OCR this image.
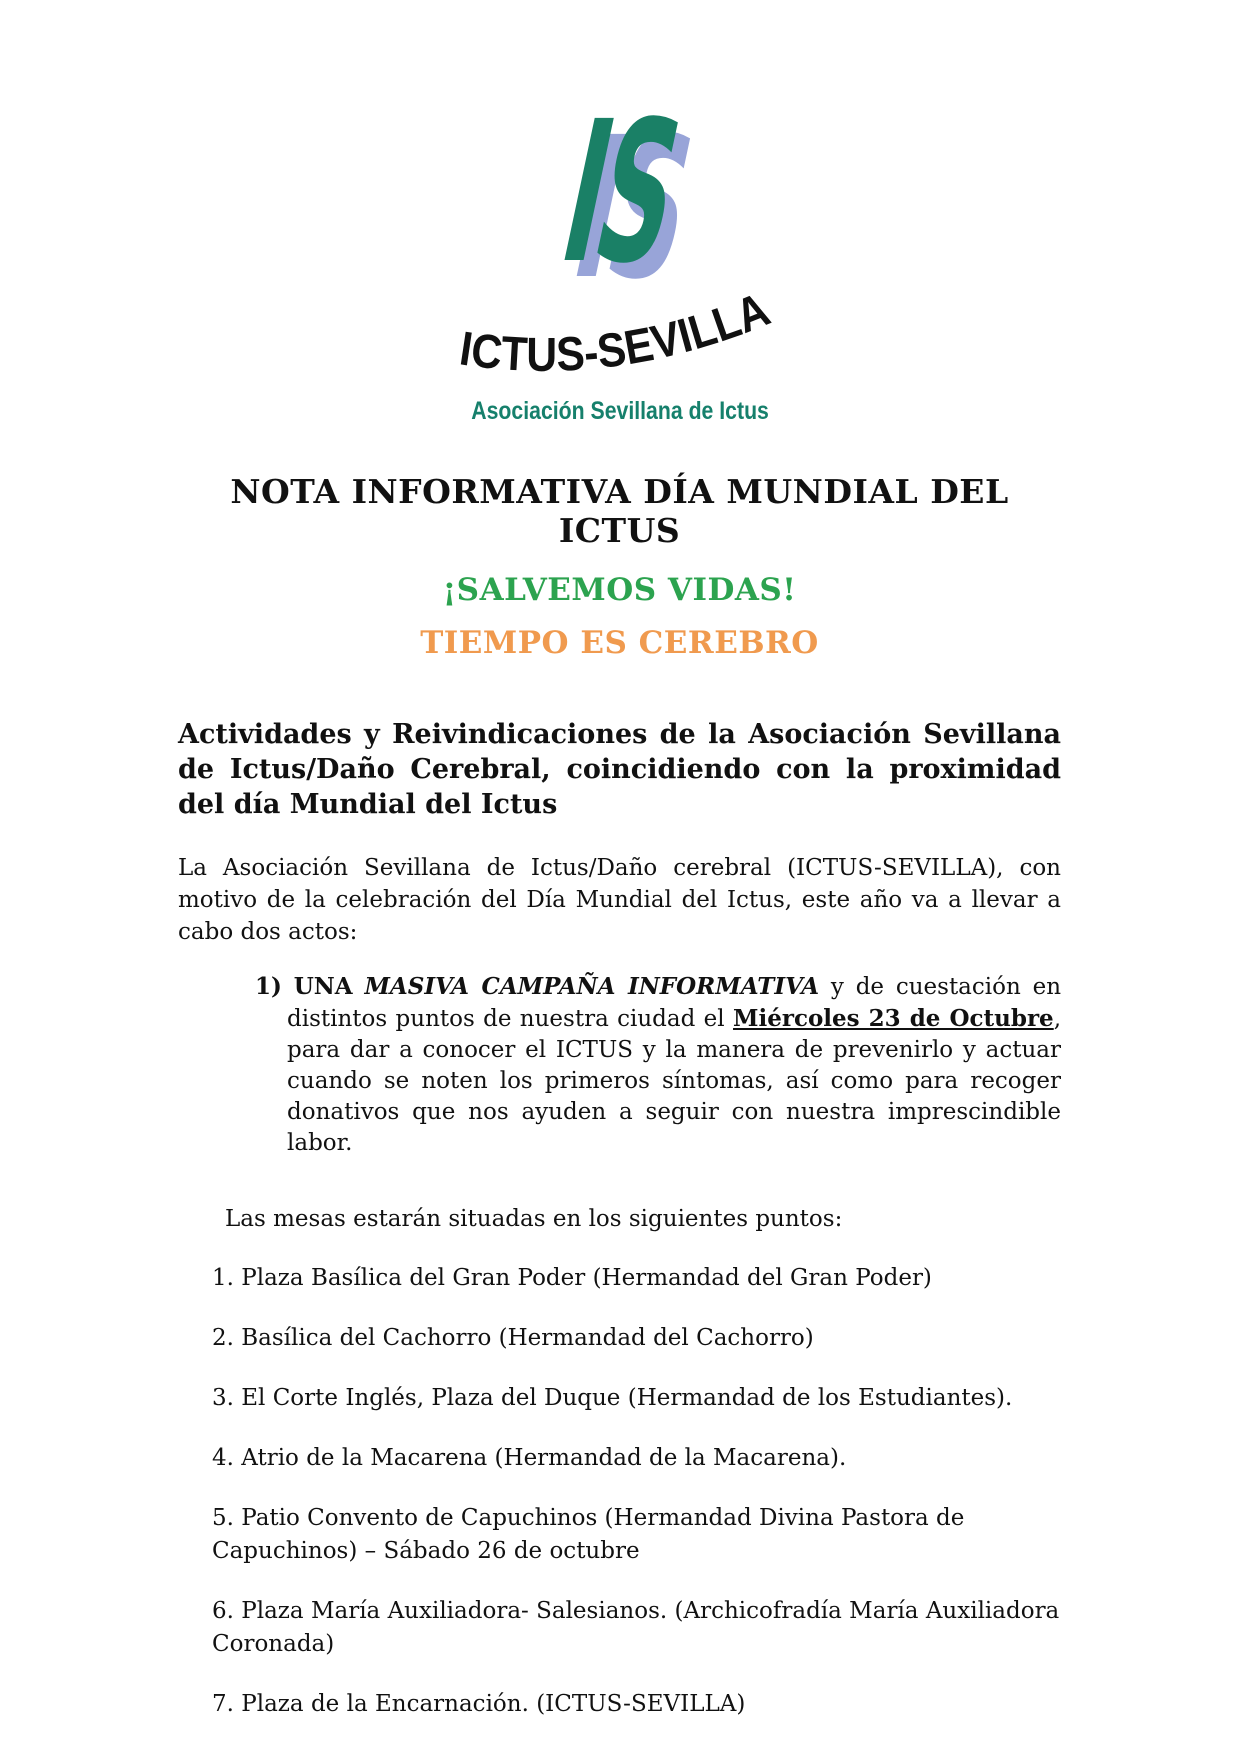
IS
ICTUS-SEVILLA
Asociación Sevillana de Ictus
NOTA INFORMATIVA DÍA MUNDIAL DEL ICTUS
¡SALVEMOS VIDAS!
TIEMPO ES CEREBRO
Actividades y Reivindicaciones de la Asociación Sevillana de Ictus/Daño Cerebral, coincidiendo con la proximidad del día Mundial del Ictus

La Asociación Sevillana de Ictus/Daño cerebral (ICTUS-SEVILLA), con motivo de la celebración del Día Mundial del Ictus, este año va a llevar a cabo dos actos:

1) UNA MASIVA CAMPAÑA INFORMATIVA y de cuestación en distintos puntos de nuestra ciudad el Miércoles 23 de Octubre, para dar a conocer el ICTUS y la manera de prevenirlo y actuar cuando se noten los primeros síntomas, así como para recoger donativos que nos ayuden a seguir con nuestra imprescindible labor.

Las mesas estarán situadas en los siguientes puntos:

1. Plaza Basílica del Gran Poder (Hermandad del Gran Poder)

2. Basílica del Cachorro (Hermandad del Cachorro)

3. El Corte Inglés, Plaza del Duque (Hermandad de los Estudiantes).

4. Atrio de la Macarena (Hermandad de la Macarena).

5. Patio Convento de Capuchinos (Hermandad Divina Pastora de Capuchinos) – Sábado 26 de octubre

6. Plaza María Auxiliadora- Salesianos. (Archicofradía María Auxiliadora Coronada)

7. Plaza de la Encarnación. (ICTUS-SEVILLA)
